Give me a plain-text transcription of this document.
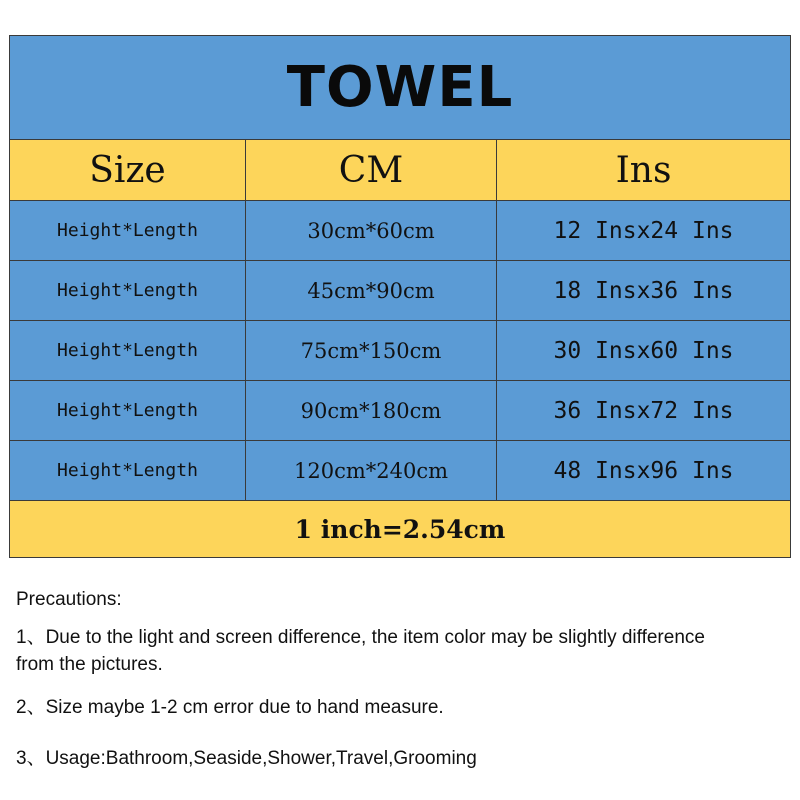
TOWEL		
Size	CM	Ins
Height*Length	30cm*60cm	12 Insx24 Ins
Height*Length	45cm*90cm	18 Insx36 Ins
Height*Length	75cm*150cm	30 Insx60 Ins
Height*Length	90cm*180cm	36 Insx72 Ins
Height*Length	120cm*240cm	48 Insx96 Ins
1 inch=2.54cm		

Precautions:

1、Due to the light and screen difference, the item color may be slightly difference
from the pictures.
2、Size maybe 1-2 cm error due to hand measure.
3、Usage:Bathroom,Seaside,Shower,Travel,Grooming
